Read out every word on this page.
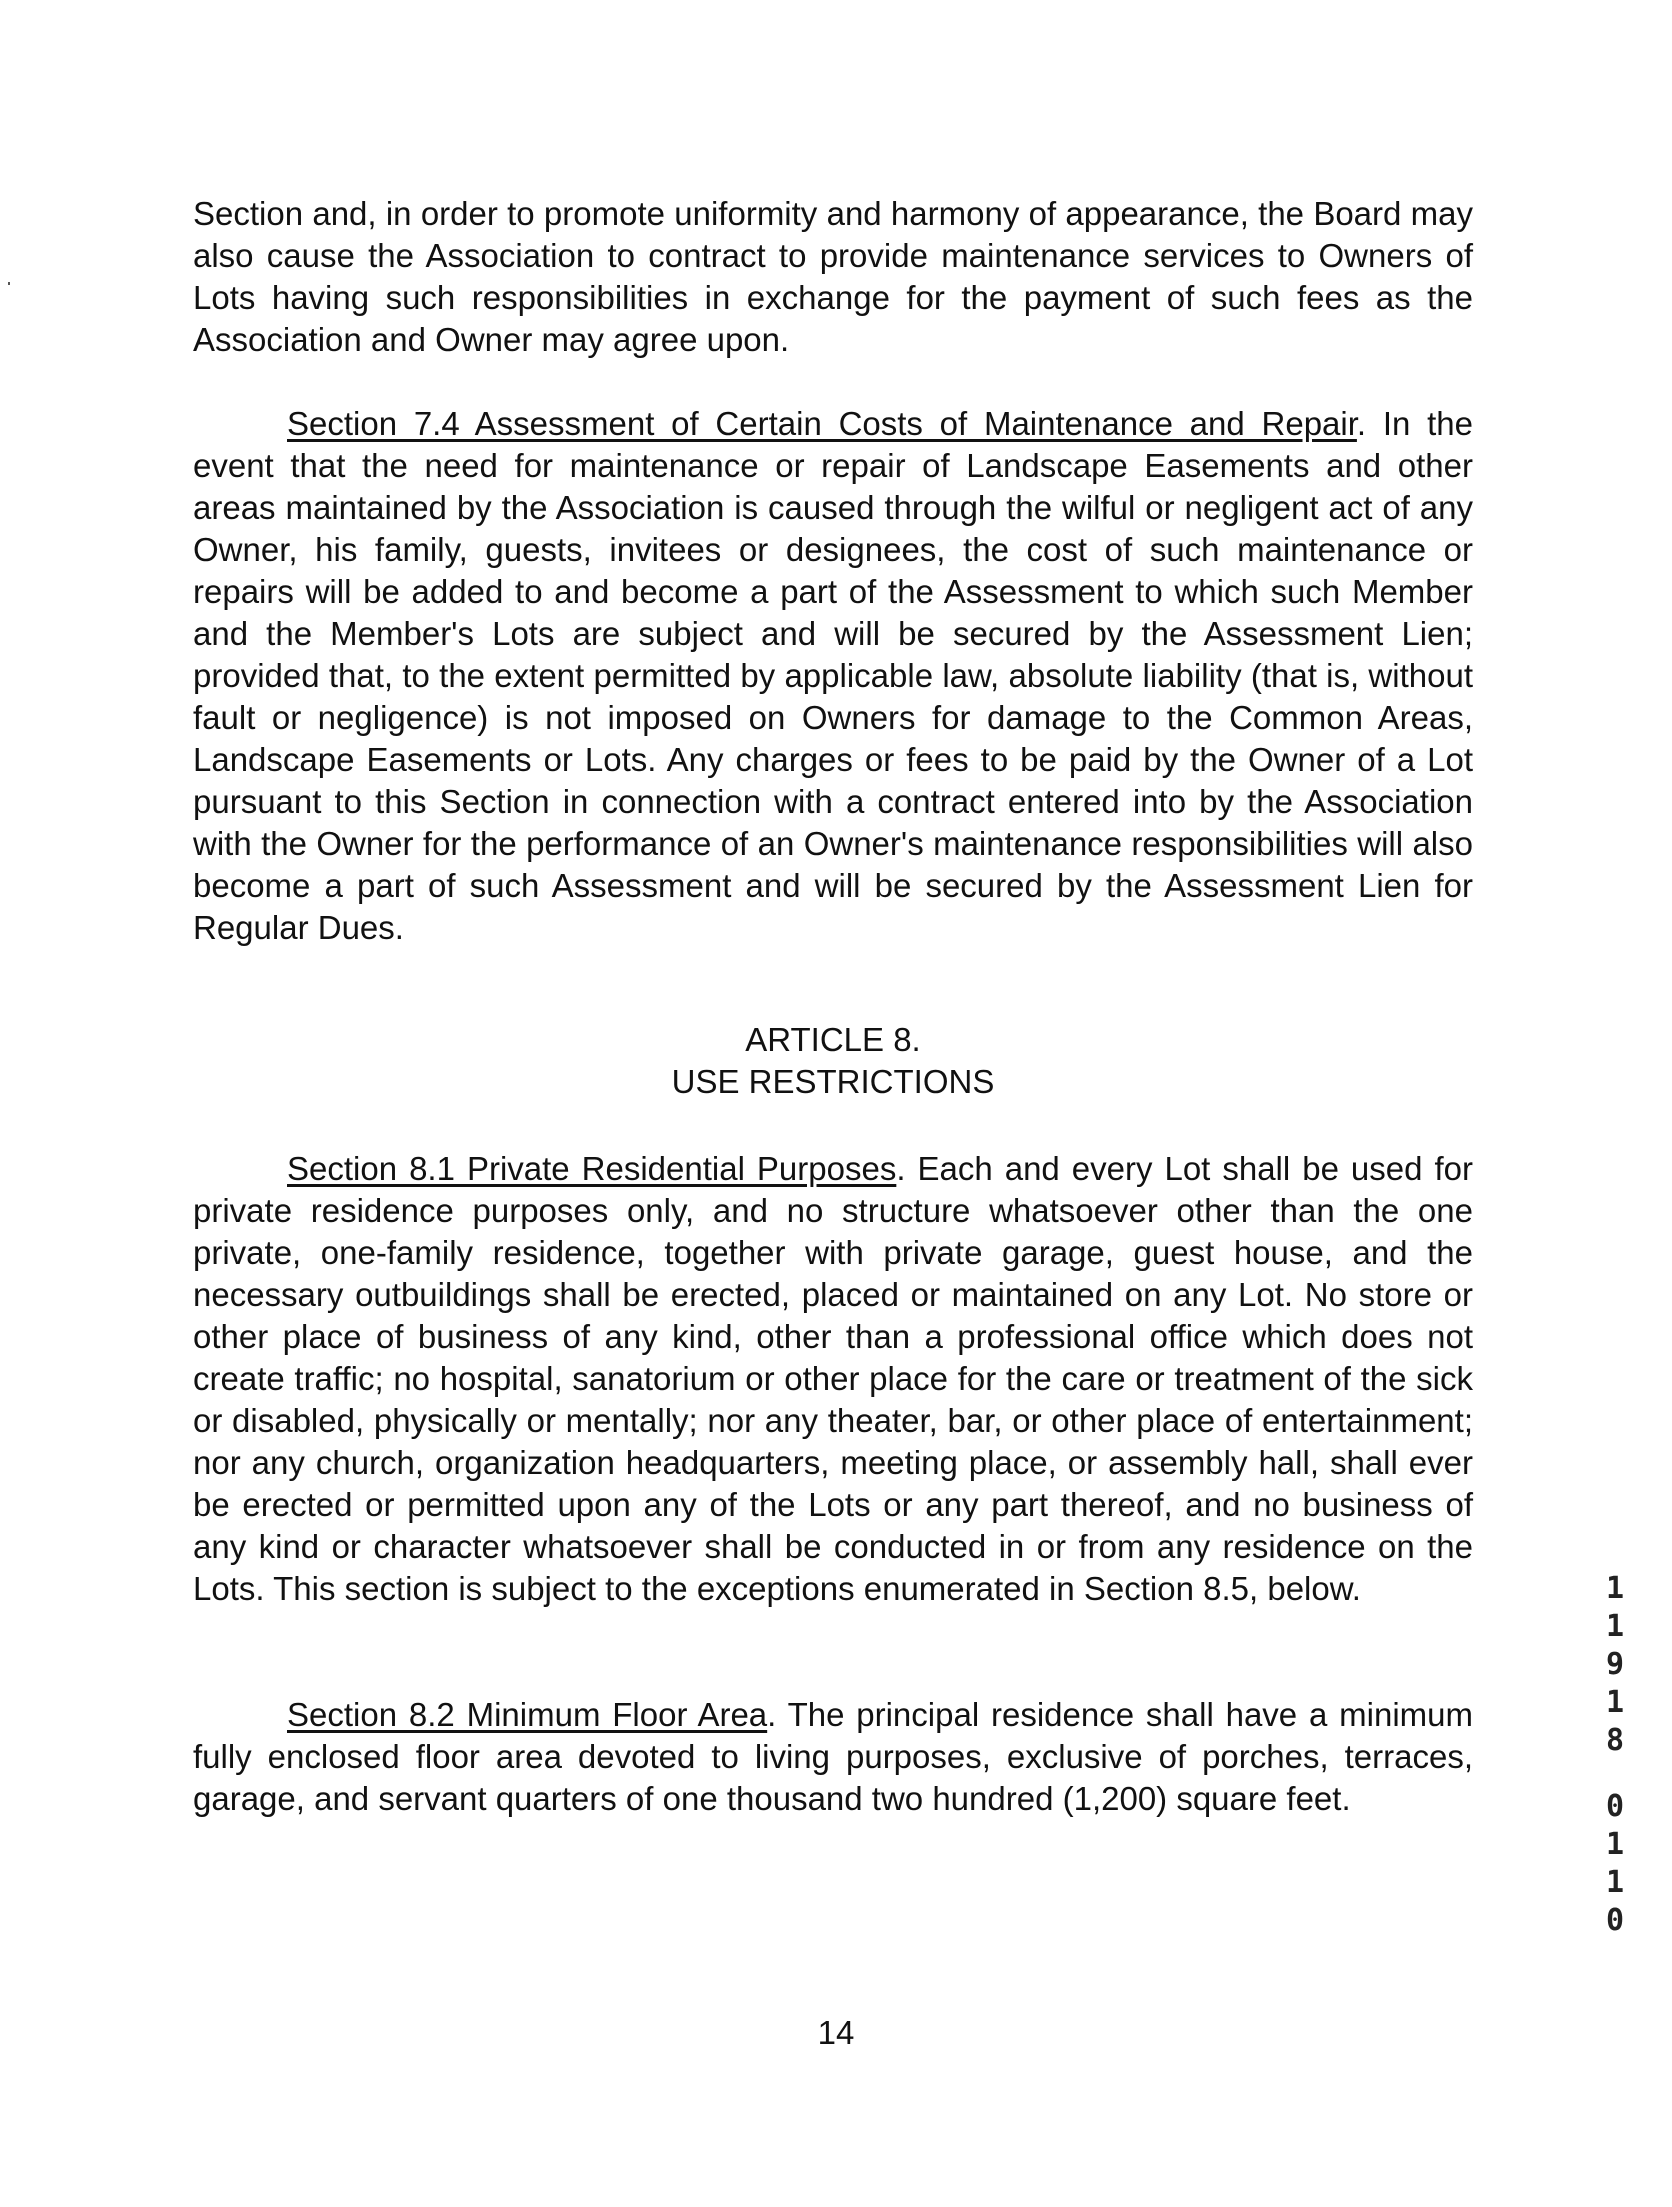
Section and, in order to promote uniformity and harmony of appearance, the Board may also cause the Association to contract to provide maintenance services to Owners of Lots having such responsibilities in exchange for the payment of such fees as the Association and Owner may agree upon.

Section 7.4 Assessment of Certain Costs of Maintenance and Repair. In the event that the need for maintenance or repair of Landscape Easements and other areas maintained by the Association is caused through the wilful or negligent act of any Owner, his family, guests, invitees or designees, the cost of such maintenance or repairs will be added to and become a part of the Assessment to which such Member and the Member's Lots are subject and will be secured by the Assessment Lien; provided that, to the extent permitted by applicable law, absolute liability (that is, without fault or negligence) is not imposed on Owners for damage to the Common Areas, Landscape Easements or Lots. Any charges or fees to be paid by the Owner of a Lot pursuant to this Section in connection with a contract entered into by the Association with the Owner for the performance of an Owner's maintenance responsibilities will also become a part of such Assessment and will be secured by the Assessment Lien for Regular Dues.

ARTICLE 8.
USE RESTRICTIONS

Section 8.1 Private Residential Purposes. Each and every Lot shall be used for private residence purposes only, and no structure whatsoever other than the one private, one-family residence, together with private garage, guest house, and the necessary outbuildings shall be erected, placed or maintained on any Lot. No store or other place of business of any kind, other than a professional office which does not create traffic; no hospital, sanatorium or other place for the care or treatment of the sick or disabled, physically or mentally; nor any theater, bar, or other place of entertainment; nor any church, organization headquarters, meeting place, or assembly hall, shall ever be erected or permitted upon any of the Lots or any part thereof, and no business of any kind or character whatsoever shall be conducted in or from any residence on the Lots. This section is subject to the exceptions enumerated in Section 8.5, below.

Section 8.2 Minimum Floor Area. The principal residence shall have a minimum fully enclosed floor area devoted to living purposes, exclusive of porches, terraces, garage, and servant quarters of one thousand two hundred (1,200) square feet.

14
1
1
9
1
8
0
1
1
0
